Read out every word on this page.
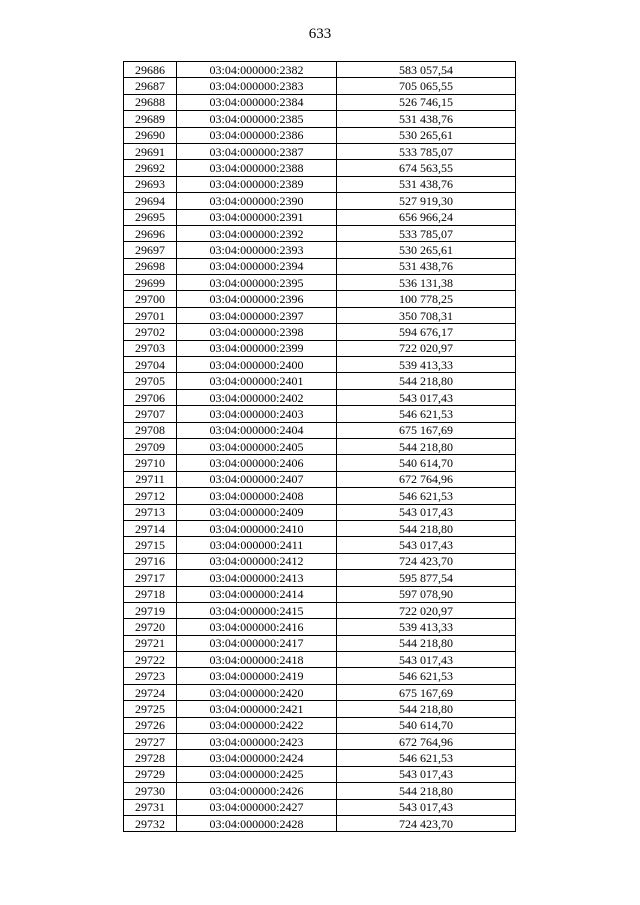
633
29686	03:04:000000:2382	583 057,54
29687	03:04:000000:2383	705 065,55
29688	03:04:000000:2384	526 746,15
29689	03:04:000000:2385	531 438,76
29690	03:04:000000:2386	530 265,61
29691	03:04:000000:2387	533 785,07
29692	03:04:000000:2388	674 563,55
29693	03:04:000000:2389	531 438,76
29694	03:04:000000:2390	527 919,30
29695	03:04:000000:2391	656 966,24
29696	03:04:000000:2392	533 785,07
29697	03:04:000000:2393	530 265,61
29698	03:04:000000:2394	531 438,76
29699	03:04:000000:2395	536 131,38
29700	03:04:000000:2396	100 778,25
29701	03:04:000000:2397	350 708,31
29702	03:04:000000:2398	594 676,17
29703	03:04:000000:2399	722 020,97
29704	03:04:000000:2400	539 413,33
29705	03:04:000000:2401	544 218,80
29706	03:04:000000:2402	543 017,43
29707	03:04:000000:2403	546 621,53
29708	03:04:000000:2404	675 167,69
29709	03:04:000000:2405	544 218,80
29710	03:04:000000:2406	540 614,70
29711	03:04:000000:2407	672 764,96
29712	03:04:000000:2408	546 621,53
29713	03:04:000000:2409	543 017,43
29714	03:04:000000:2410	544 218,80
29715	03:04:000000:2411	543 017,43
29716	03:04:000000:2412	724 423,70
29717	03:04:000000:2413	595 877,54
29718	03:04:000000:2414	597 078,90
29719	03:04:000000:2415	722 020,97
29720	03:04:000000:2416	539 413,33
29721	03:04:000000:2417	544 218,80
29722	03:04:000000:2418	543 017,43
29723	03:04:000000:2419	546 621,53
29724	03:04:000000:2420	675 167,69
29725	03:04:000000:2421	544 218,80
29726	03:04:000000:2422	540 614,70
29727	03:04:000000:2423	672 764,96
29728	03:04:000000:2424	546 621,53
29729	03:04:000000:2425	543 017,43
29730	03:04:000000:2426	544 218,80
29731	03:04:000000:2427	543 017,43
29732	03:04:000000:2428	724 423,70
